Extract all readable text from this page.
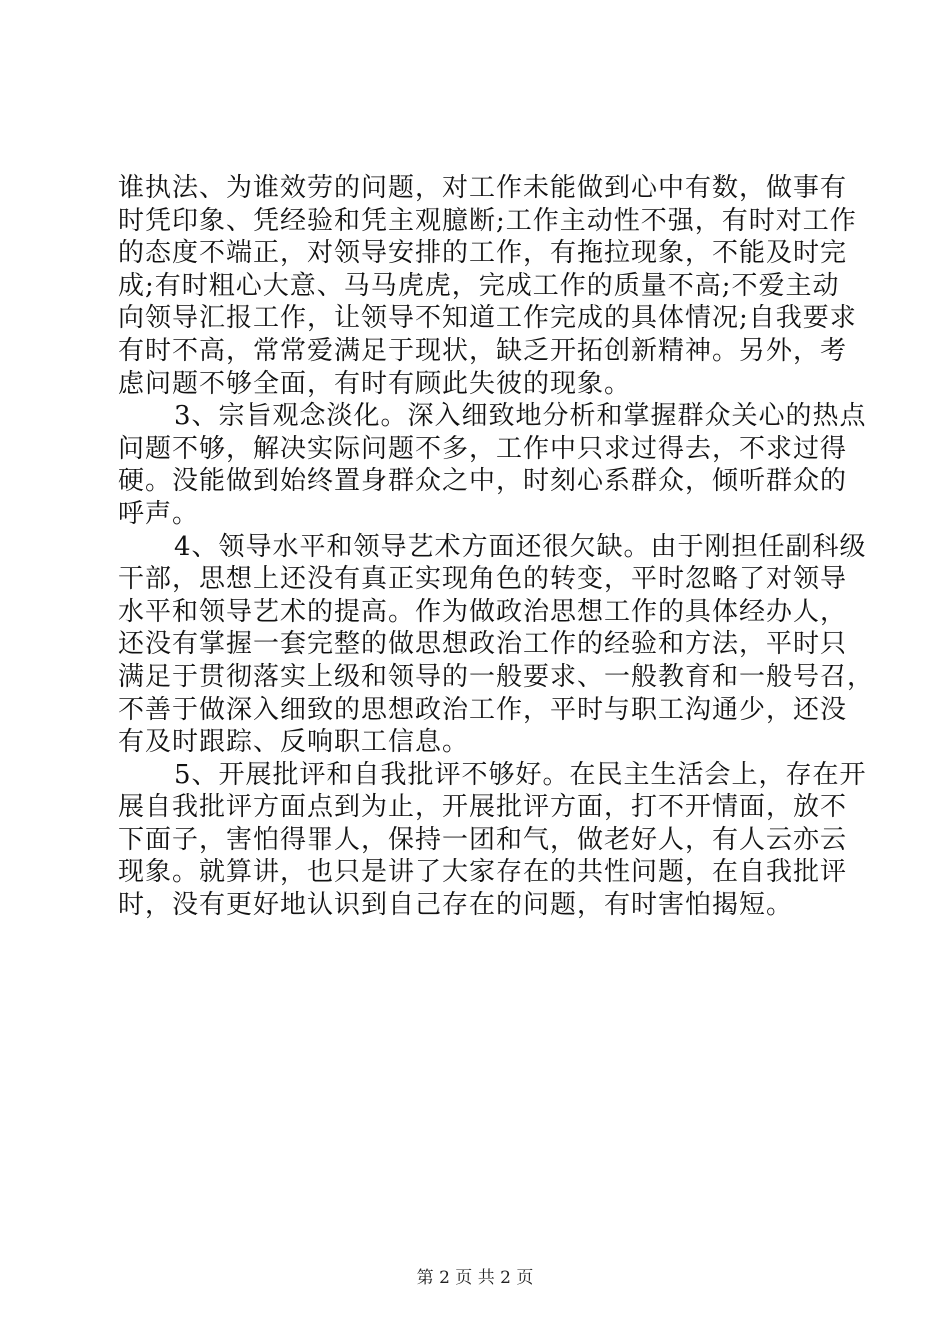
谁执法、为谁效劳的问题，对工作未能做到心中有数，做事有
时凭印象、凭经验和凭主观臆断;工作主动性不强，有时对工作
的态度不端正，对领导安排的工作，有拖拉现象，不能及时完
成;有时粗心大意、马马虎虎，完成工作的质量不高;不爱主动
向领导汇报工作，让领导不知道工作完成的具体情况;自我要求
有时不高，常常爱满足于现状，缺乏开拓创新精神。另外，考
虑问题不够全面，有时有顾此失彼的现象。
3、宗旨观念淡化。深入细致地分析和掌握群众关心的热点
问题不够，解决实际问题不多，工作中只求过得去，不求过得
硬。没能做到始终置身群众之中，时刻心系群众，倾听群众的
呼声。
4、领导水平和领导艺术方面还很欠缺。由于刚担任副科级
干部，思想上还没有真正实现角色的转变，平时忽略了对领导
水平和领导艺术的提高。作为做政治思想工作的具体经办人，
还没有掌握一套完整的做思想政治工作的经验和方法，平时只
满足于贯彻落实上级和领导的一般要求、一般教育和一般号召，
不善于做深入细致的思想政治工作，平时与职工沟通少，还没
有及时跟踪、反响职工信息。
5、开展批评和自我批评不够好。在民主生活会上，存在开
展自我批评方面点到为止，开展批评方面，打不开情面，放不
下面子，害怕得罪人，保持一团和气，做老好人，有人云亦云
现象。就算讲，也只是讲了大家存在的共性问题，在自我批评
时，没有更好地认识到自己存在的问题，有时害怕揭短。
第 2 页 共 2 页
